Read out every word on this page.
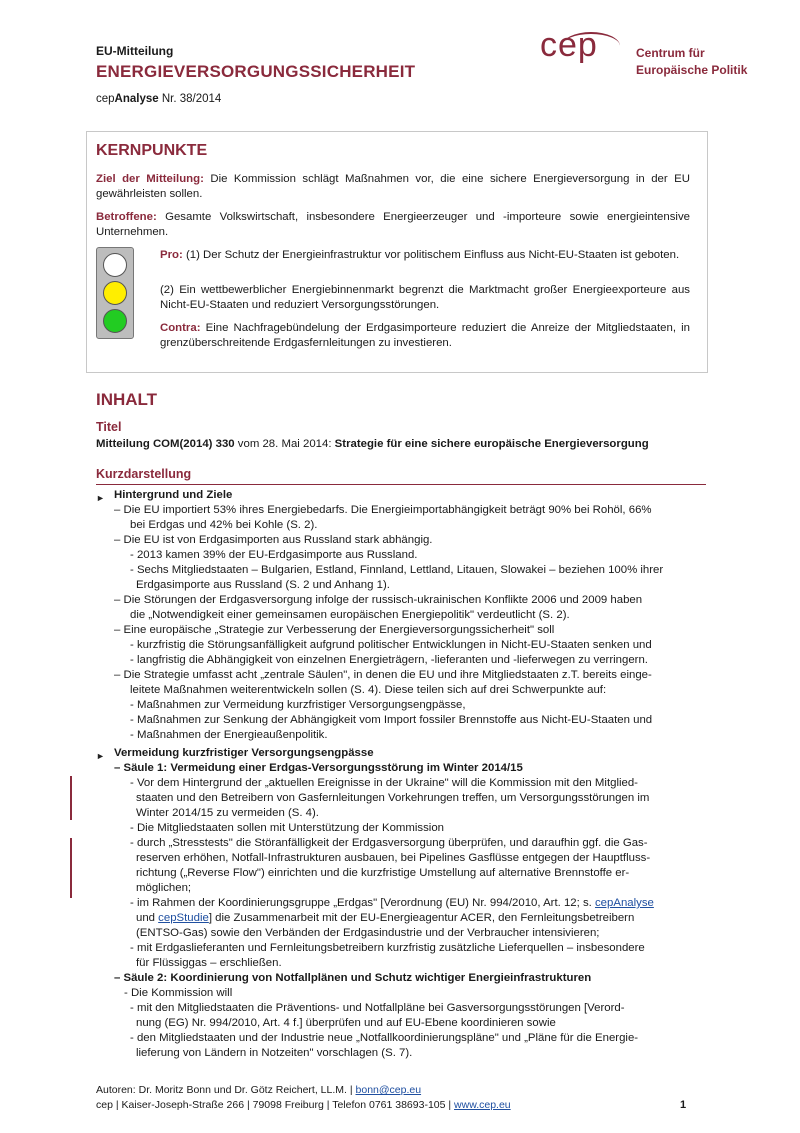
EU-Mitteilung
ENERGIEVERSORGUNGSSICHERHEIT
cepAnalyse Nr. 38/2014
cep	Centrum für
Europäische Politik
KERNPUNKTE
Ziel der Mitteilung: Die Kommission schlägt Maßnahmen vor, die eine sichere Energieversorgung in der EU gewährleisten sollen.
Betroffene: Gesamte Volkswirtschaft, insbesondere Energieerzeuger und -importeure sowie energieintensive Unternehmen.
Pro: (1) Der Schutz der Energieinfrastruktur vor politischem Einfluss aus Nicht-EU-Staaten ist geboten.
(2) Ein wettbewerblicher Energiebinnenmarkt begrenzt die Marktmacht großer Energieexporteure aus Nicht-EU-Staaten und reduziert Versorgungsstörungen.
Contra: Eine Nachfragebündelung der Erdgasimporteure reduziert die Anreize der Mitgliedstaaten, in grenzüberschreitende Erdgasfernleitungen zu investieren.
INHALT
Titel
Mitteilung COM(2014) 330 vom 28. Mai 2014: Strategie für eine sichere europäische Energieversorgung
Kurzdarstellung
► Hintergrund und Ziele
– Die EU importiert 53% ihres Energiebedarfs. Die Energieimportabhängigkeit beträgt 90% bei Rohöl, 66%
bei Erdgas und 42% bei Kohle (S. 2).
– Die EU ist von Erdgasimporten aus Russland stark abhängig.
- 2013 kamen 39% der EU-Erdgasimporte aus Russland.
- Sechs Mitgliedstaaten – Bulgarien, Estland, Finnland, Lettland, Litauen, Slowakei – beziehen 100% ihrer
Erdgasimporte aus Russland (S. 2 und Anhang 1).
– Die Störungen der Erdgasversorgung infolge der russisch-ukrainischen Konflikte 2006 und 2009 haben
die „Notwendigkeit einer gemeinsamen europäischen Energiepolitik" verdeutlicht (S. 2).
– Eine europäische „Strategie zur Verbesserung der Energieversorgungssicherheit" soll
- kurzfristig die Störungsanfälligkeit aufgrund politischer Entwicklungen in Nicht-EU-Staaten senken und
- langfristig die Abhängigkeit von einzelnen Energieträgern, -lieferanten und -lieferwegen zu verringern.
– Die Strategie umfasst acht „zentrale Säulen", in denen die EU und ihre Mitgliedstaaten z.T. bereits einge-
leitete Maßnahmen weiterentwickeln sollen (S. 4). Diese teilen sich auf drei Schwerpunkte auf:
- Maßnahmen zur Vermeidung kurzfristiger Versorgungsengpässe,
- Maßnahmen zur Senkung der Abhängigkeit vom Import fossiler Brennstoffe aus Nicht-EU-Staaten und
- Maßnahmen der Energieaußenpolitik.
► Vermeidung kurzfristiger Versorgungsengpässe
– Säule 1: Vermeidung einer Erdgas-Versorgungsstörung im Winter 2014/15
- Vor dem Hintergrund der „aktuellen Ereignisse in der Ukraine" will die Kommission mit den Mitglied-
staaten und den Betreibern von Gasfernleitungen Vorkehrungen treffen, um Versorgungsstörungen im
Winter 2014/15 zu vermeiden (S. 4).
- Die Mitgliedstaaten sollen mit Unterstützung der Kommission
- durch „Stresstests" die Störanfälligkeit der Erdgasversorgung überprüfen, und daraufhin ggf. die Gas-
reserven erhöhen, Notfall-Infrastrukturen ausbauen, bei Pipelines Gasflüsse entgegen der Hauptfluss-
richtung („Reverse Flow") einrichten und die kurzfristige Umstellung auf alternative Brennstoffe er-
möglichen;
- im Rahmen der Koordinierungsgruppe „Erdgas" [Verordnung (EU) Nr. 994/2010, Art. 12; s. cepAnalyse
und cepStudie] die Zusammenarbeit mit der EU-Energieagentur ACER, den Fernleitungsbetreibern
(ENTSO-Gas) sowie den Verbänden der Erdgasindustrie und der Verbraucher intensivieren;
- mit Erdgaslieferanten und Fernleitungsbetreibern kurzfristig zusätzliche Lieferquellen – insbesondere
für Flüssiggas – erschließen.
– Säule 2: Koordinierung von Notfallplänen und Schutz wichtiger Energieinfrastrukturen
- Die Kommission will
- mit den Mitgliedstaaten die Präventions- und Notfallpläne bei Gasversorgungsstörungen [Verord-
nung (EG) Nr. 994/2010, Art. 4 f.] überprüfen und auf EU-Ebene koordinieren sowie
- den Mitgliedstaaten und der Industrie neue „Notfallkoordinierungspläne" und „Pläne für die Energie-
lieferung von Ländern in Notzeiten" vorschlagen (S. 7).
Autoren: Dr. Moritz Bonn und Dr. Götz Reichert, LL.M. | bonn@cep.eu
cep | Kaiser-Joseph-Straße 266 | 79098 Freiburg | Telefon 0761 38693-105 | www.cep.eu	1
